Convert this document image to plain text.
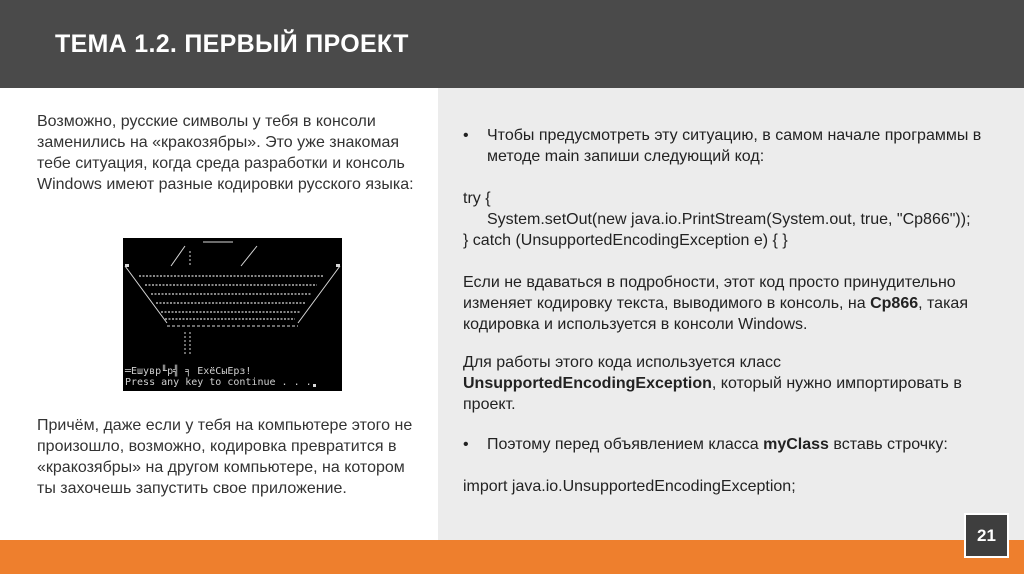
ТЕМА 1.2. ПЕРВЫЙ ПРОЕКТ
Возможно, русские символы у тебя в консоли заменились на «кракозябры». Это уже знакомая тебе ситуация, когда среда разработки и консоль Windows имеют разные кодировки русского языка:
═Ешувр╙р╣ ╕ ЕхёСыЕрз!
Press any key to continue . . .
Причём, даже если у тебя на компьютере этого не произошло, возможно, кодировка превратится в «кракозябры» на другом компьютере, на котором ты захочешь запустить свое приложение.
• Чтобы предусмотреть эту ситуацию, в самом начале программы в методе main запиши следующий код:
try {
System.setOut(new java.io.PrintStream(System.out, true, "Cp866"));
} catch (UnsupportedEncodingException e) { }
Если не вдаваться в подробности, этот код просто принудительно изменяет кодировку текста, выводимого в консоль, на Cp866, такая кодировка и используется в консоли Windows.
Для работы этого кода используется класс UnsupportedEncodingException, который нужно импортировать в проект.
• Поэтому перед объявлением класса myClass вставь строчку:
import java.io.UnsupportedEncodingException;
21
